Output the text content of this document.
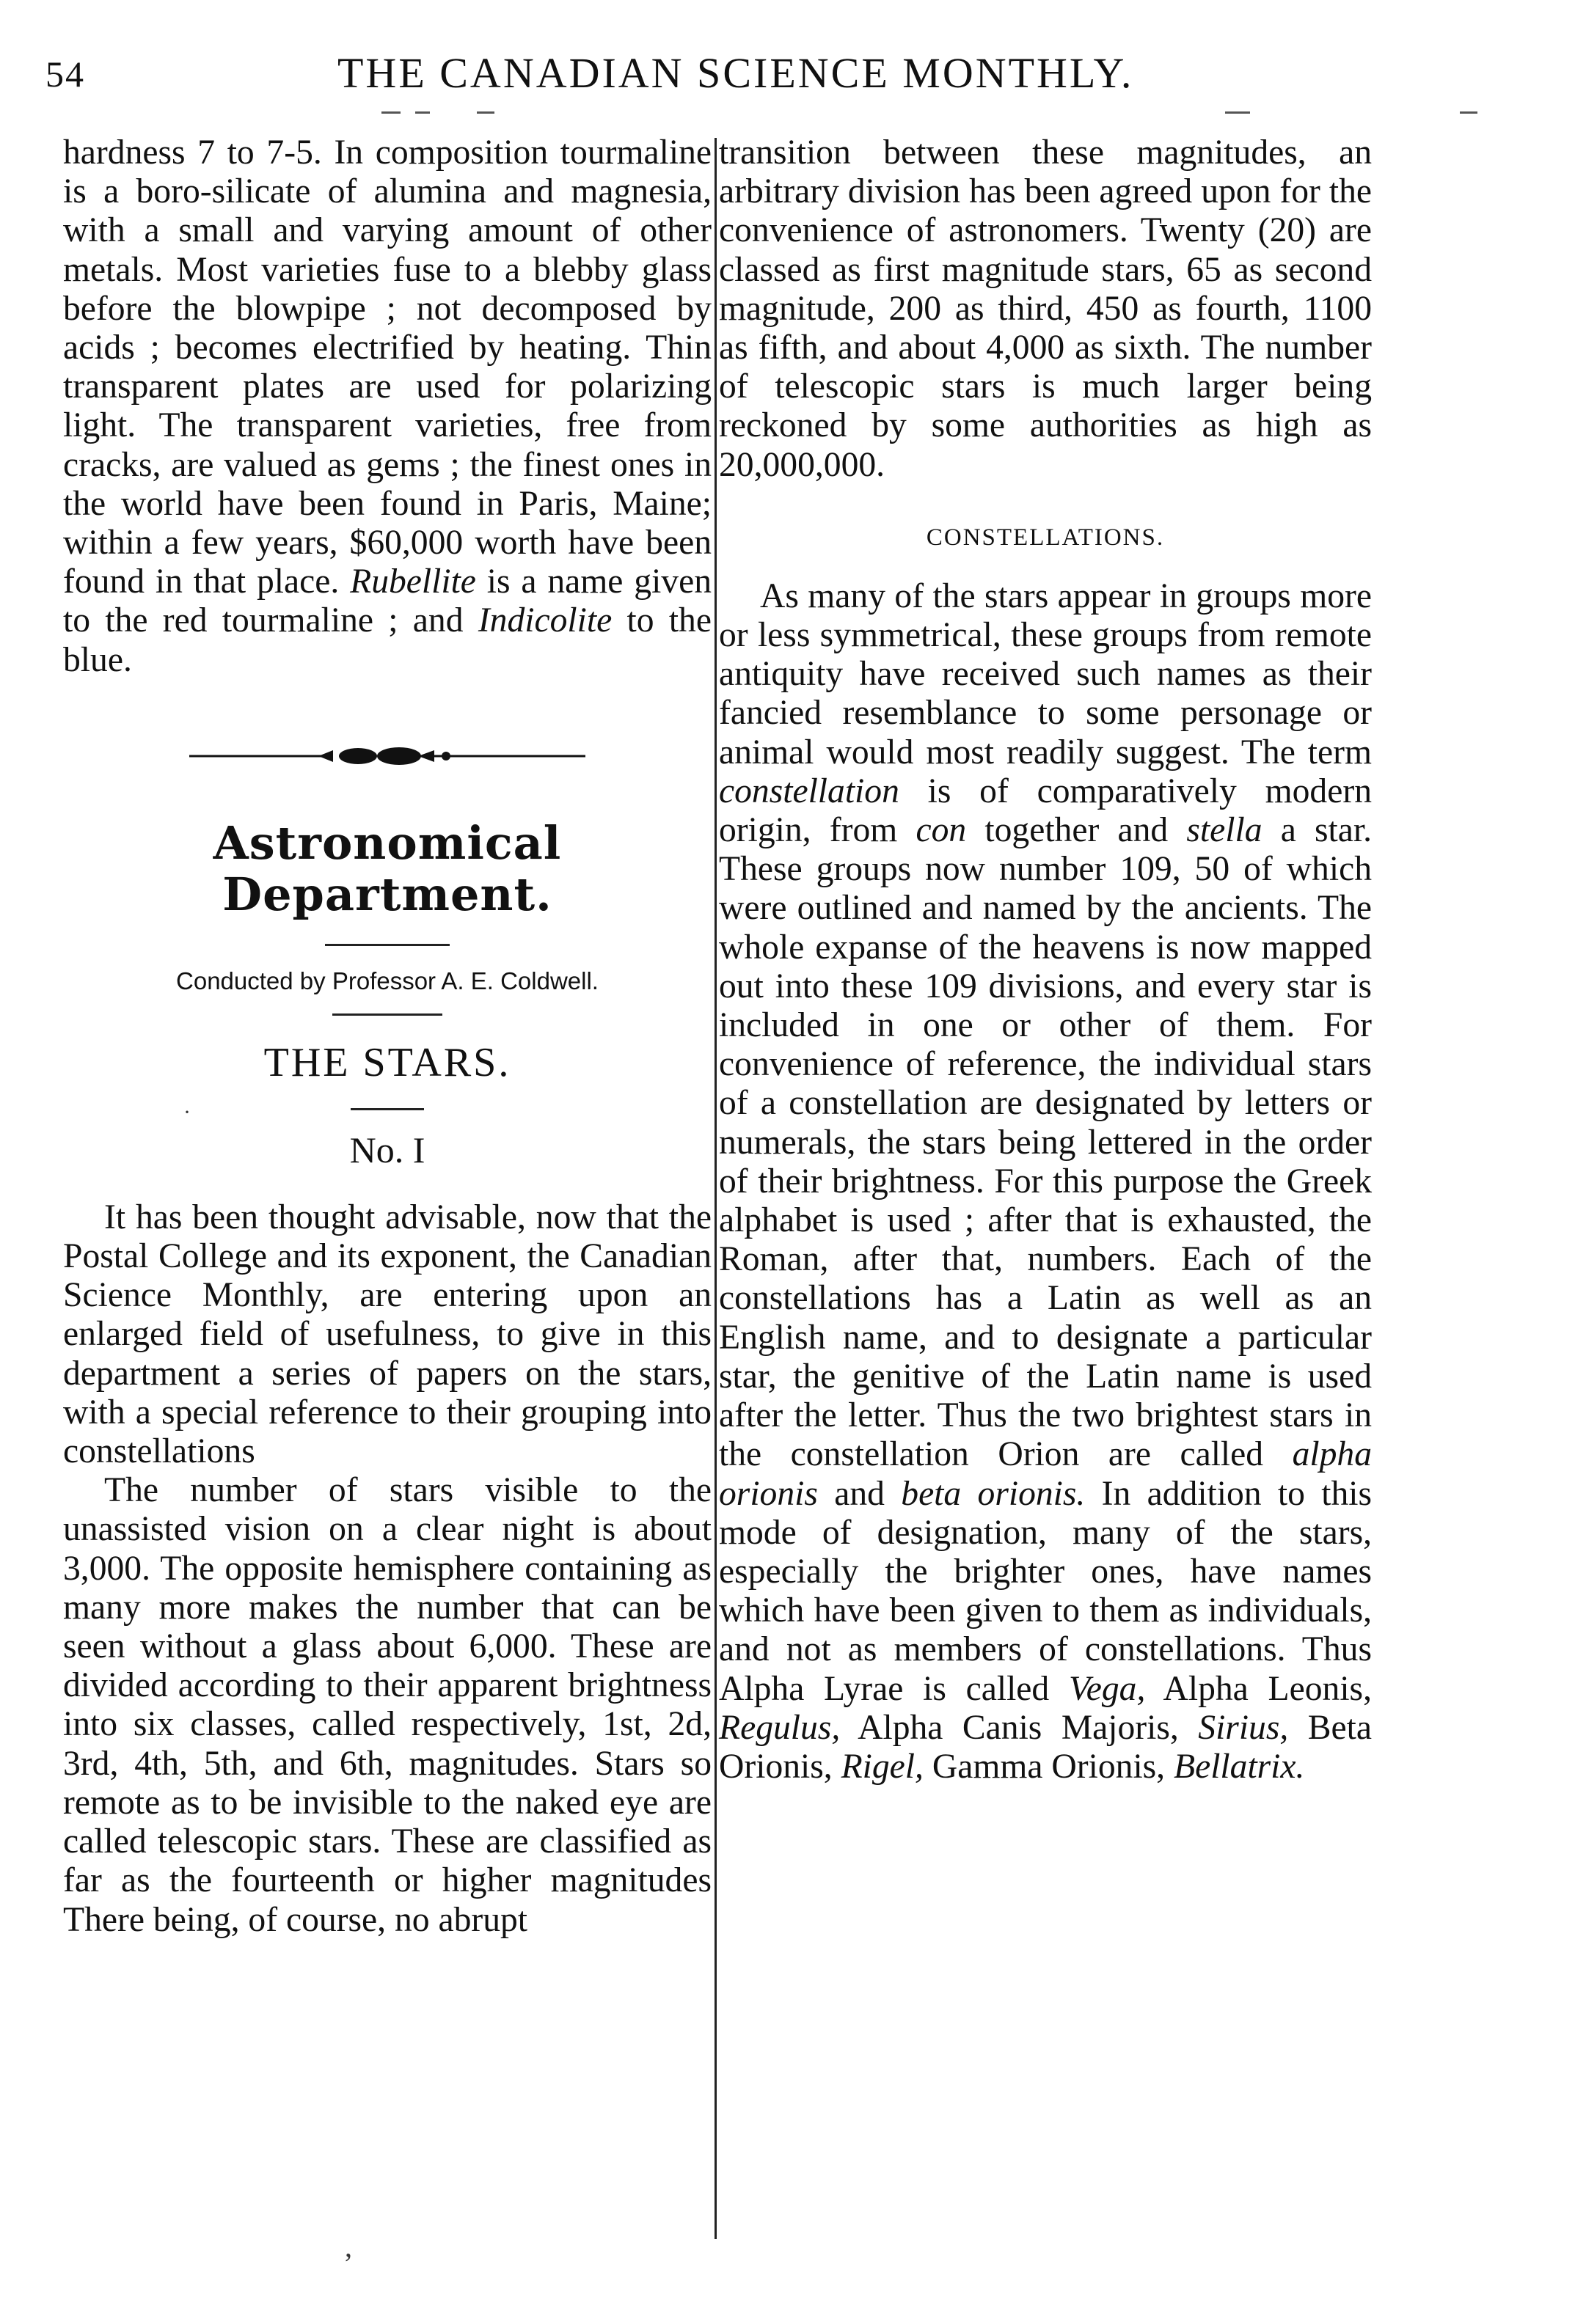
54	THE CANADIAN SCIENCE MONTHLY.

hardness 7 to 7-5. In composition tourmaline is a boro-silicate of alumina and magnesia, with a small and varying amount of other metals. Most varieties fuse to a blebby glass before the blowpipe ; not decomposed by acids ; becomes electrified by heating. Thin transparent plates are used for polarizing light. The transparent varieties, free from cracks, are valued as gems ; the finest ones in the world have been found in Paris, Maine; within a few years, $60,000 worth have been found in that place. Rubellite is a name given to the red tourmaline ; and Indicolite to the blue.

Astronomical Department.
Conducted by Professor A. E. Coldwell.
THE STARS.
No. I

It has been thought advisable, now that the Postal College and its exponent, the Canadian Science Monthly, are entering upon an enlarged field of usefulness, to give in this department a series of papers on the stars, with a special reference to their grouping into constellations

The number of stars visible to the unassisted vision on a clear night is about 3,000. The opposite hemisphere containing as many more makes the number that can be seen without a glass about 6,000. These are divided according to their apparent brightness into six classes, called respectively, 1st, 2d, 3rd, 4th, 5th, and 6th, magnitudes. Stars so remote as to be invisible to the naked eye are called telescopic stars. These are classified as far as the fourteenth or higher magnitudes There being, of course, no abrupt

transition between these magnitudes, an arbitrary division has been agreed upon for the convenience of astronomers. Twenty (20) are classed as first magnitude stars, 65 as second magnitude, 200 as third, 450 as fourth, 1100 as fifth, and about 4,000 as sixth. The number of telescopic stars is much larger being reckoned by some authorities as high as 20,000,000.

CONSTELLATIONS.

As many of the stars appear in groups more or less symmetrical, these groups from remote antiquity have received such names as their fancied resemblance to some personage or animal would most readily suggest. The term constellation is of comparatively modern origin, from con together and stella a star. These groups now number 109, 50 of which were outlined and named by the ancients. The whole expanse of the heavens is now mapped out into these 109 divisions, and every star is included in one or other of them. For convenience of reference, the individual stars of a constellation are designated by letters or numerals, the stars being lettered in the order of their brightness. For this purpose the Greek alphabet is used ; after that is exhausted, the Roman, after that, numbers. Each of the constellations has a Latin as well as an English name, and to designate a particular star, the genitive of the Latin name is used after the letter. Thus the two brightest stars in the constellation Orion are called alpha orionis and beta orionis. In addition to this mode of designation, many of the stars, especially the brighter ones, have names which have been given to them as individuals, and not as members of constellations. Thus Alpha Lyrae is called Vega, Alpha Leonis, Regulus, Alpha Canis Majoris, Sirius, Beta Orionis, Rigel, Gamma Orionis, Bellatrix.

,
·
